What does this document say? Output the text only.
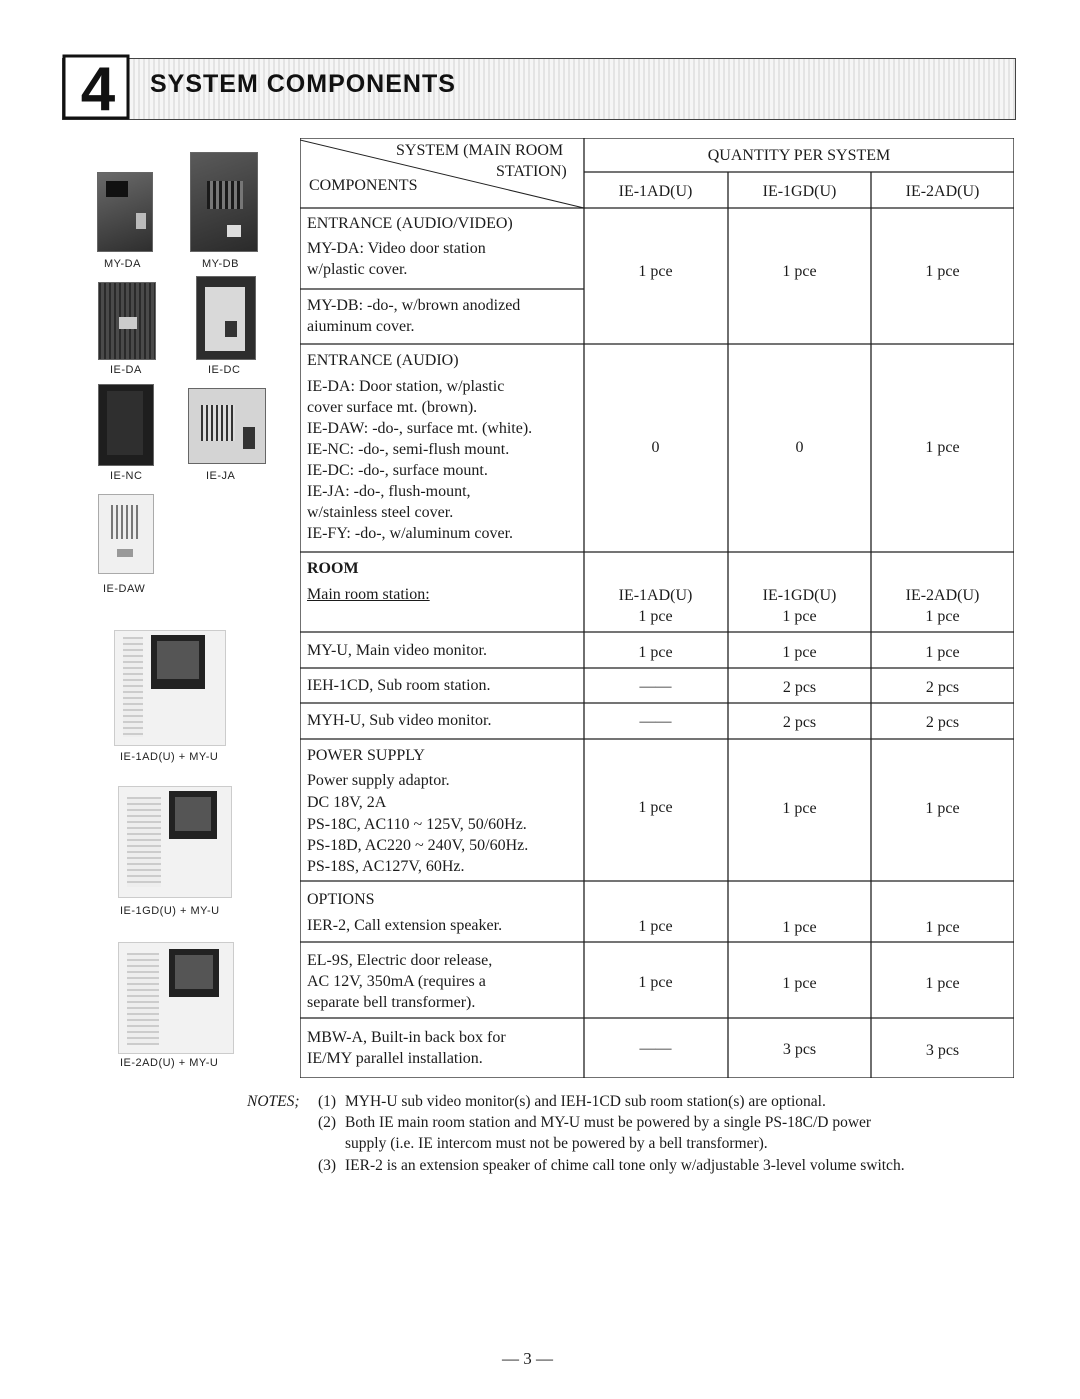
4 SYSTEM COMPONENTS
MY-DA	MY-DB
IE-DA	IE-DC
IE-NC	IE-JA
IE-DAW
IE-1AD(U) + MY-U
IE-1GD(U) + MY-U
IE-2AD(U) + MY-U
SYSTEM (MAIN ROOM
STATION)
COMPONENTS
QUANTITY PER SYSTEM
IE-1AD(U)	IE-1GD(U)	IE-2AD(U)
ENTRANCE (AUDIO/VIDEO)
MY-DA: Video door station
w/plastic cover.	1 pce	1 pce	1 pce
MY-DB: -do-, w/brown anodized
aiuminum cover.
ENTRANCE (AUDIO)
IE-DA: Door station, w/plastic
cover surface mt. (brown).
IE-DAW: -do-, surface mt. (white).
IE-NC: -do-, semi-flush mount.
IE-DC: -do-, surface mount.
IE-JA: -do-, flush-mount,
w/stainless steel cover.
IE-FY: -do-, w/aluminum cover.
0	0	1 pce
ROOM
Main room station:	IE-1AD(U)	IE-1GD(U)	IE-2AD(U)
1 pce	1 pce	1 pce
MY-U, Main video monitor.	1 pce	1 pce	1 pce
IEH-1CD, Sub room station.	——	2 pcs	2 pcs
MYH-U, Sub video monitor.	——	2 pcs	2 pcs
POWER SUPPLY
Power supply adaptor.
DC 18V, 2A
PS-18C, AC110 ~ 125V, 50/60Hz.
PS-18D, AC220 ~ 240V, 50/60Hz.
PS-18S, AC127V, 60Hz.
1 pce	1 pce	1 pce
OPTIONS
IER-2, Call extension speaker.	1 pce	1 pce	1 pce
EL-9S, Electric door release,
AC 12V, 350mA (requires a
separate bell transformer).
1 pce	1 pce	1 pce
MBW-A, Built-in back box for
IE/MY parallel installation.
——	3 pcs	3 pcs
NOTES; (1) MYH-U sub video monitor(s) and IEH-1CD sub room station(s) are optional.
(2) Both IE main room station and MY-U must be powered by a single PS-18C/D power
supply (i.e. IE intercom must not be powered by a bell transformer).
(3) IER-2 is an extension speaker of chime call tone only w/adjustable 3-level volume switch.
— 3 —
